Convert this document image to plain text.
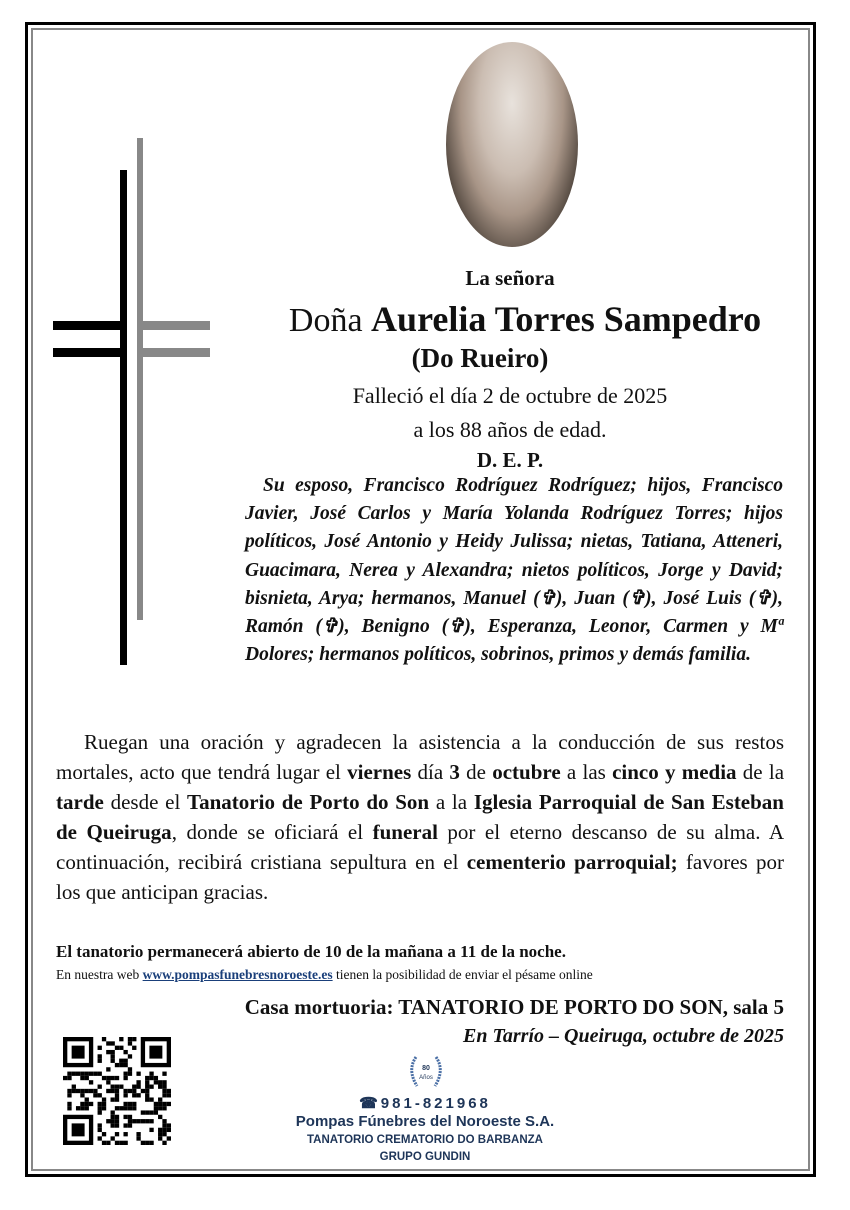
La señora
Doña Aurelia Torres Sampedro
(Do Rueiro)
Falleció el día 2 de octubre de 2025
a los 88 años de edad.
D. E. P.
Su esposo, Francisco Rodríguez Rodríguez; hijos, Francisco Javier, José Carlos y María Yolanda Rodríguez Torres; hijos políticos, José Antonio y Heidy Julissa; nietas, Tatiana, Atteneri, Guacimara, Nerea y Alexandra; nietos políticos, Jorge y David; bisnieta, Arya; hermanos, Manuel (✞), Juan (✞), José Luis (✞), Ramón (✞), Benigno (✞), Esperanza, Leonor, Carmen y Mª Dolores; hermanos políticos, sobrinos, primos y demás familia.
Ruegan una oración y agradecen la asistencia a la conducción de sus restos mortales, acto que tendrá lugar el viernes día 3 de octubre a las cinco y media de la tarde desde el Tanatorio de Porto do Son a la Iglesia Parroquial de San Esteban de Queiruga, donde se oficiará el funeral por el eterno descanso de su alma. A continuación, recibirá cristiana sepultura en el cementerio parroquial; favores por los que anticipan gracias.
El tanatorio permanecerá abierto de 10 de la mañana a 11 de la noche.
En nuestra web www.pompasfunebresnoroeste.es tienen la posibilidad de enviar el pésame online
Casa mortuoria: TANATORIO DE PORTO DO SON, sala 5
En Tarrío – Queiruga, octubre de 2025
80
Años
☎981-821968
Pompas Fúnebres del Noroeste S.A.
TANATORIO CREMATORIO DO BARBANZA
GRUPO GUNDIN
